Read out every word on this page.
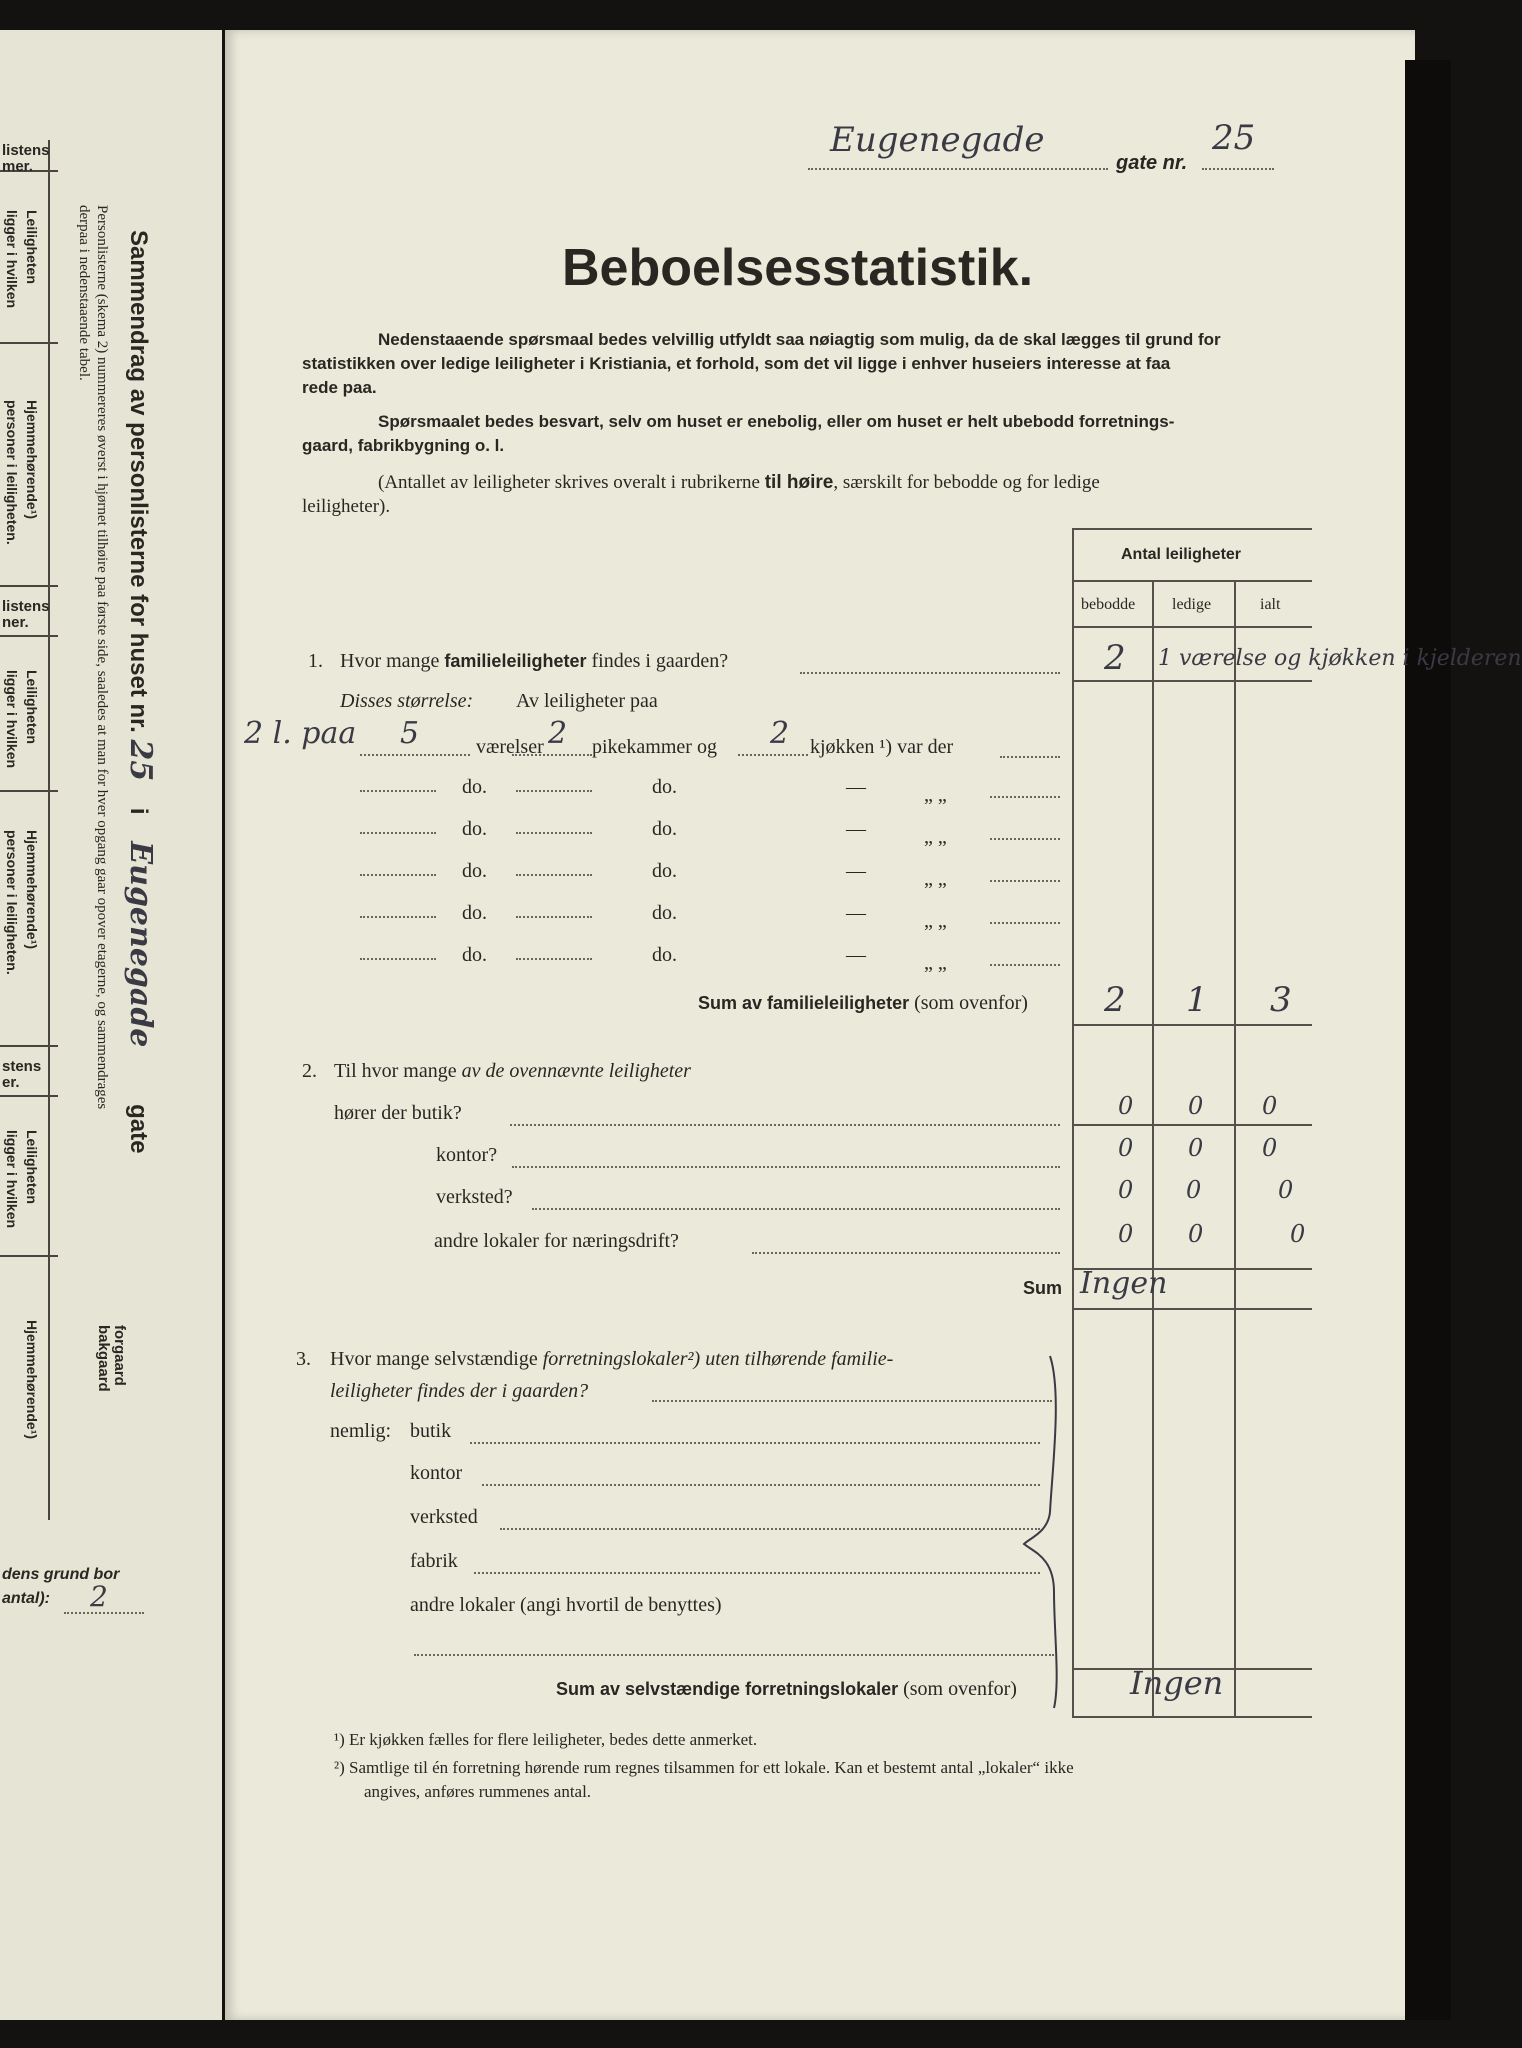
listens
mer.
Leiligheten
ligger i hvilken
Hjemmehørende¹)
personer i leiligheten.
listens
ner.
Leiligheten
ligger i hvilken
Hjemmehørende¹)
personer i leiligheten.
stens
er.
Leiligheten
ligger i hvilken
Hjemmehørende¹)
dens grund bor
antal): 2
Sammendrag av personlisterne for huset nr. 25 i Eugenegade gate
forgaard
bakgaard
Personlisterne (skema 2) nummereres øverst i hjørnet tilhøire paa første side, saaledes at man for hver opgang gaar opover etagerne, og sammendrages
derpaa i nedenstaaende tabel.
Eugenegade
gate nr.
25
Beboelsesstatistik.
Nedenstaaende spørsmaal bedes velvillig utfyldt saa nøiagtig som mulig, da de skal lægges til grund for
statistikken over ledige leiligheter i Kristiania, et forhold, som det vil ligge i enhver huseiers interesse at faa
rede paa.
Spørsmaalet bedes besvart, selv om huset er enebolig, eller om huset er helt ubebodd forretnings-
gaard, fabrikbygning o. l.
(Antallet av leiligheter skrives overalt i rubrikerne til høire, særskilt for bebodde og for ledige
leiligheter).
Antal leiligheter
bebodde ledige	ialt
1. Hvor mange familieleiligheter findes i gaarden?	2 1 værelse og kjøkken i kjelderen
Disses størrelse: Av leiligheter paa
2 l. paa 5	værelser 2 pikekammer og 2 kjøkken ¹) var der
do.	do.	—	„ „
do.	do.	—	„ „
do.	do.	—	„ „
do.	do.	—	„ „
do.	do.	—	„ „
Sum av familieleiligheter (som ovenfor) 2 1 3
2. Til hvor mange av de ovennævnte leiligheter
hører der butik?	0 0 0
kontor?	0 0 0
verksted?	0 0	0
andre lokaler for næringsdrift?	0 0	0
Sum Ingen
3. Hvor mange selvstændige forretningslokaler²) uten tilhørende familie-
leiligheter findes der i gaarden?
nemlig: butik
kontor
verksted
fabrik
andre lokaler (angi hvortil de benyttes)
Sum av selvstændige forretningslokaler (som ovenfor)	Ingen
¹) Er kjøkken fælles for flere leiligheter, bedes dette anmerket.
²) Samtlige til én forretning hørende rum regnes tilsammen for ett lokale. Kan et bestemt antal „lokaler“ ikke
angives, anføres rummenes antal.
